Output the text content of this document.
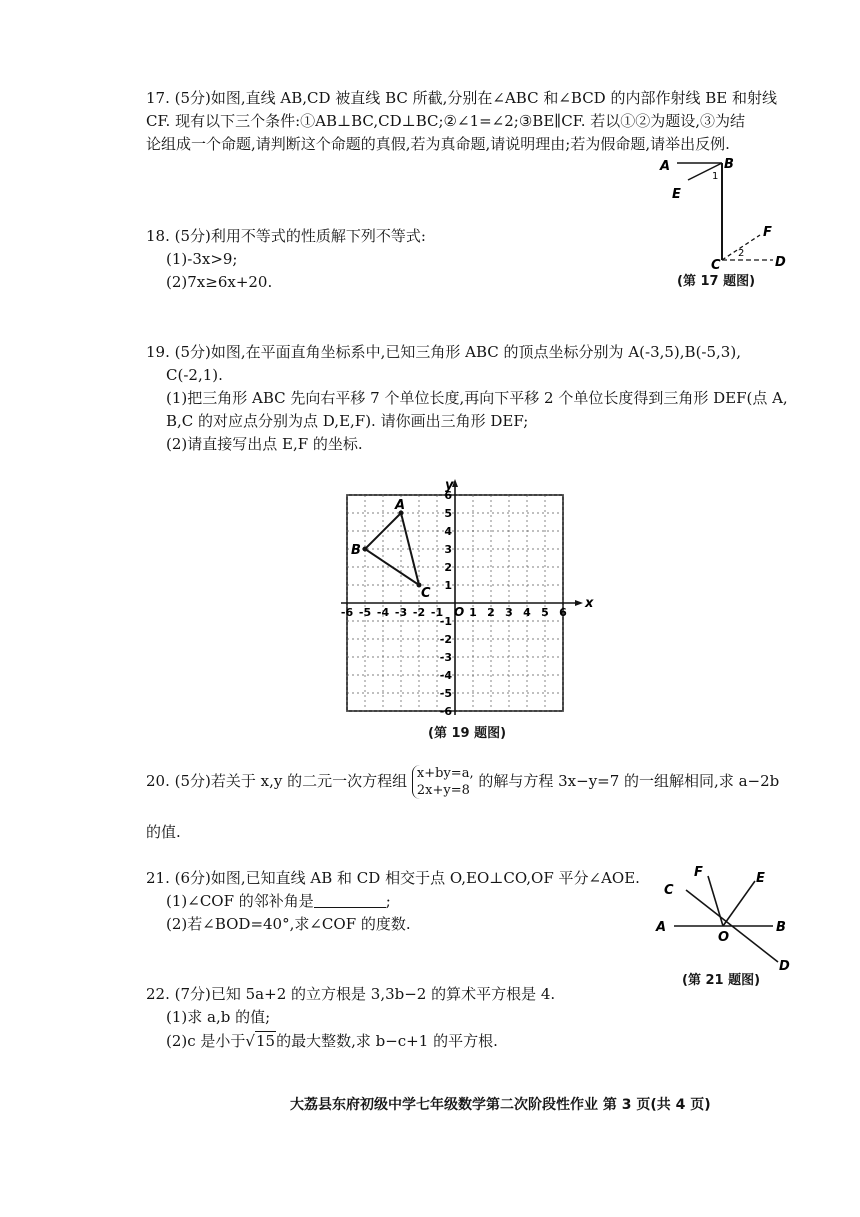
17. (5分)如图,直线 AB,CD 被直线 BC 所截,分别在∠ABC 和∠BCD 的内部作射线 BE 和射线
CF. 现有以下三个条件:①AB⊥BC,CD⊥BC;②∠1=∠2;③BE∥CF. 若以①②为题设,③为结
论组成一个命题,请判断这个命题的真假,若为真命题,请说明理由;若为假命题,请举出反例.
A	B
E
F
C	D
1
2
(第 17 题图)
18. (5分)利用不等式的性质解下列不等式:
(1)-3x>9;
(2)7x≥6x+20.
19. (5分)如图,在平面直角坐标系中,已知三角形 ABC 的顶点坐标分别为 A(-3,5),B(-5,3),
C(-2,1).
(1)把三角形 ABC 先向右平移 7 个单位长度,再向下平移 2 个单位长度得到三角形 DEF(点 A,
B,C 的对应点分别为点 D,E,F). 请你画出三角形 DEF;
(2)请直接写出点 E,F 的坐标.
x
y
O
-6 -5 -4 -3 -2 -1 1 2 3 4 5 6
6
5
4
3
2
1
-1
-2
-3
-4
-5
-6
A
B
C
(第 19 题图)
20. (5分)若关于 x,y 的二元一次方程组 x+by=a,
2x+y=8
的解与方程 3x−y=7 的一组解相同,求 a−2b
的值.
21. (6分)如图,已知直线 AB 和 CD 相交于点 O,EO⊥CO,OF 平分∠AOE.
(1)∠COF 的邻补角是	;
(2)若∠BOD=40°,求∠COF 的度数.	A	B
C
D
E
F
O
(第 21 题图)
22. (7分)已知 5a+2 的立方根是 3,3b−2 的算术平方根是 4.
(1)求 a,b 的值;
(2)c 是小于√15的最大整数,求 b−c+1 的平方根.
大荔县东府初级中学七年级数学第二次阶段性作业 第 3 页(共 4 页)
